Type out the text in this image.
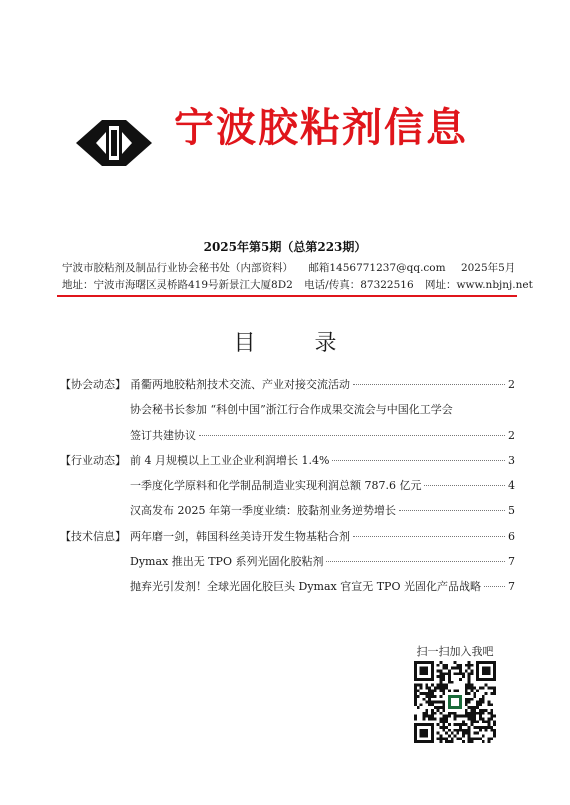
宁波胶粘剂信息
2025年第5期（总第223期）
宁波市胶粘剂及制品行业协会秘书处（内部资料） 邮箱1456771237@qq.com 2025年5月
地址：宁波市海曙区灵桥路419号新景江大厦8D2 电话/传真：87322516 网址：www.nbjnj.net
目 录
【协会动态】 甬衢两地胶粘剂技术交流、产业对接交流活动	2
协会秘书长参加 “科创中国”浙江行合作成果交流会与中国化工学会
签订共建协议	2
【行业动态】 前 4 月规模以上工业企业利润增长 1.4%	3
一季度化学原料和化学制品制造业实现利润总额 787.6 亿元	4
汉高发布 2025 年第一季度业绩：胶黏剂业务逆势增长	5
【技术信息】 两年磨一剑，韩国科丝美诗开发生物基粘合剂	6
Dymax 推出无 TPO 系列光固化胶粘剂	7
抛弃光引发剂！全球光固化胶巨头 Dymax 官宣无 TPO 光固化产品战略 7
扫一扫加入我吧
